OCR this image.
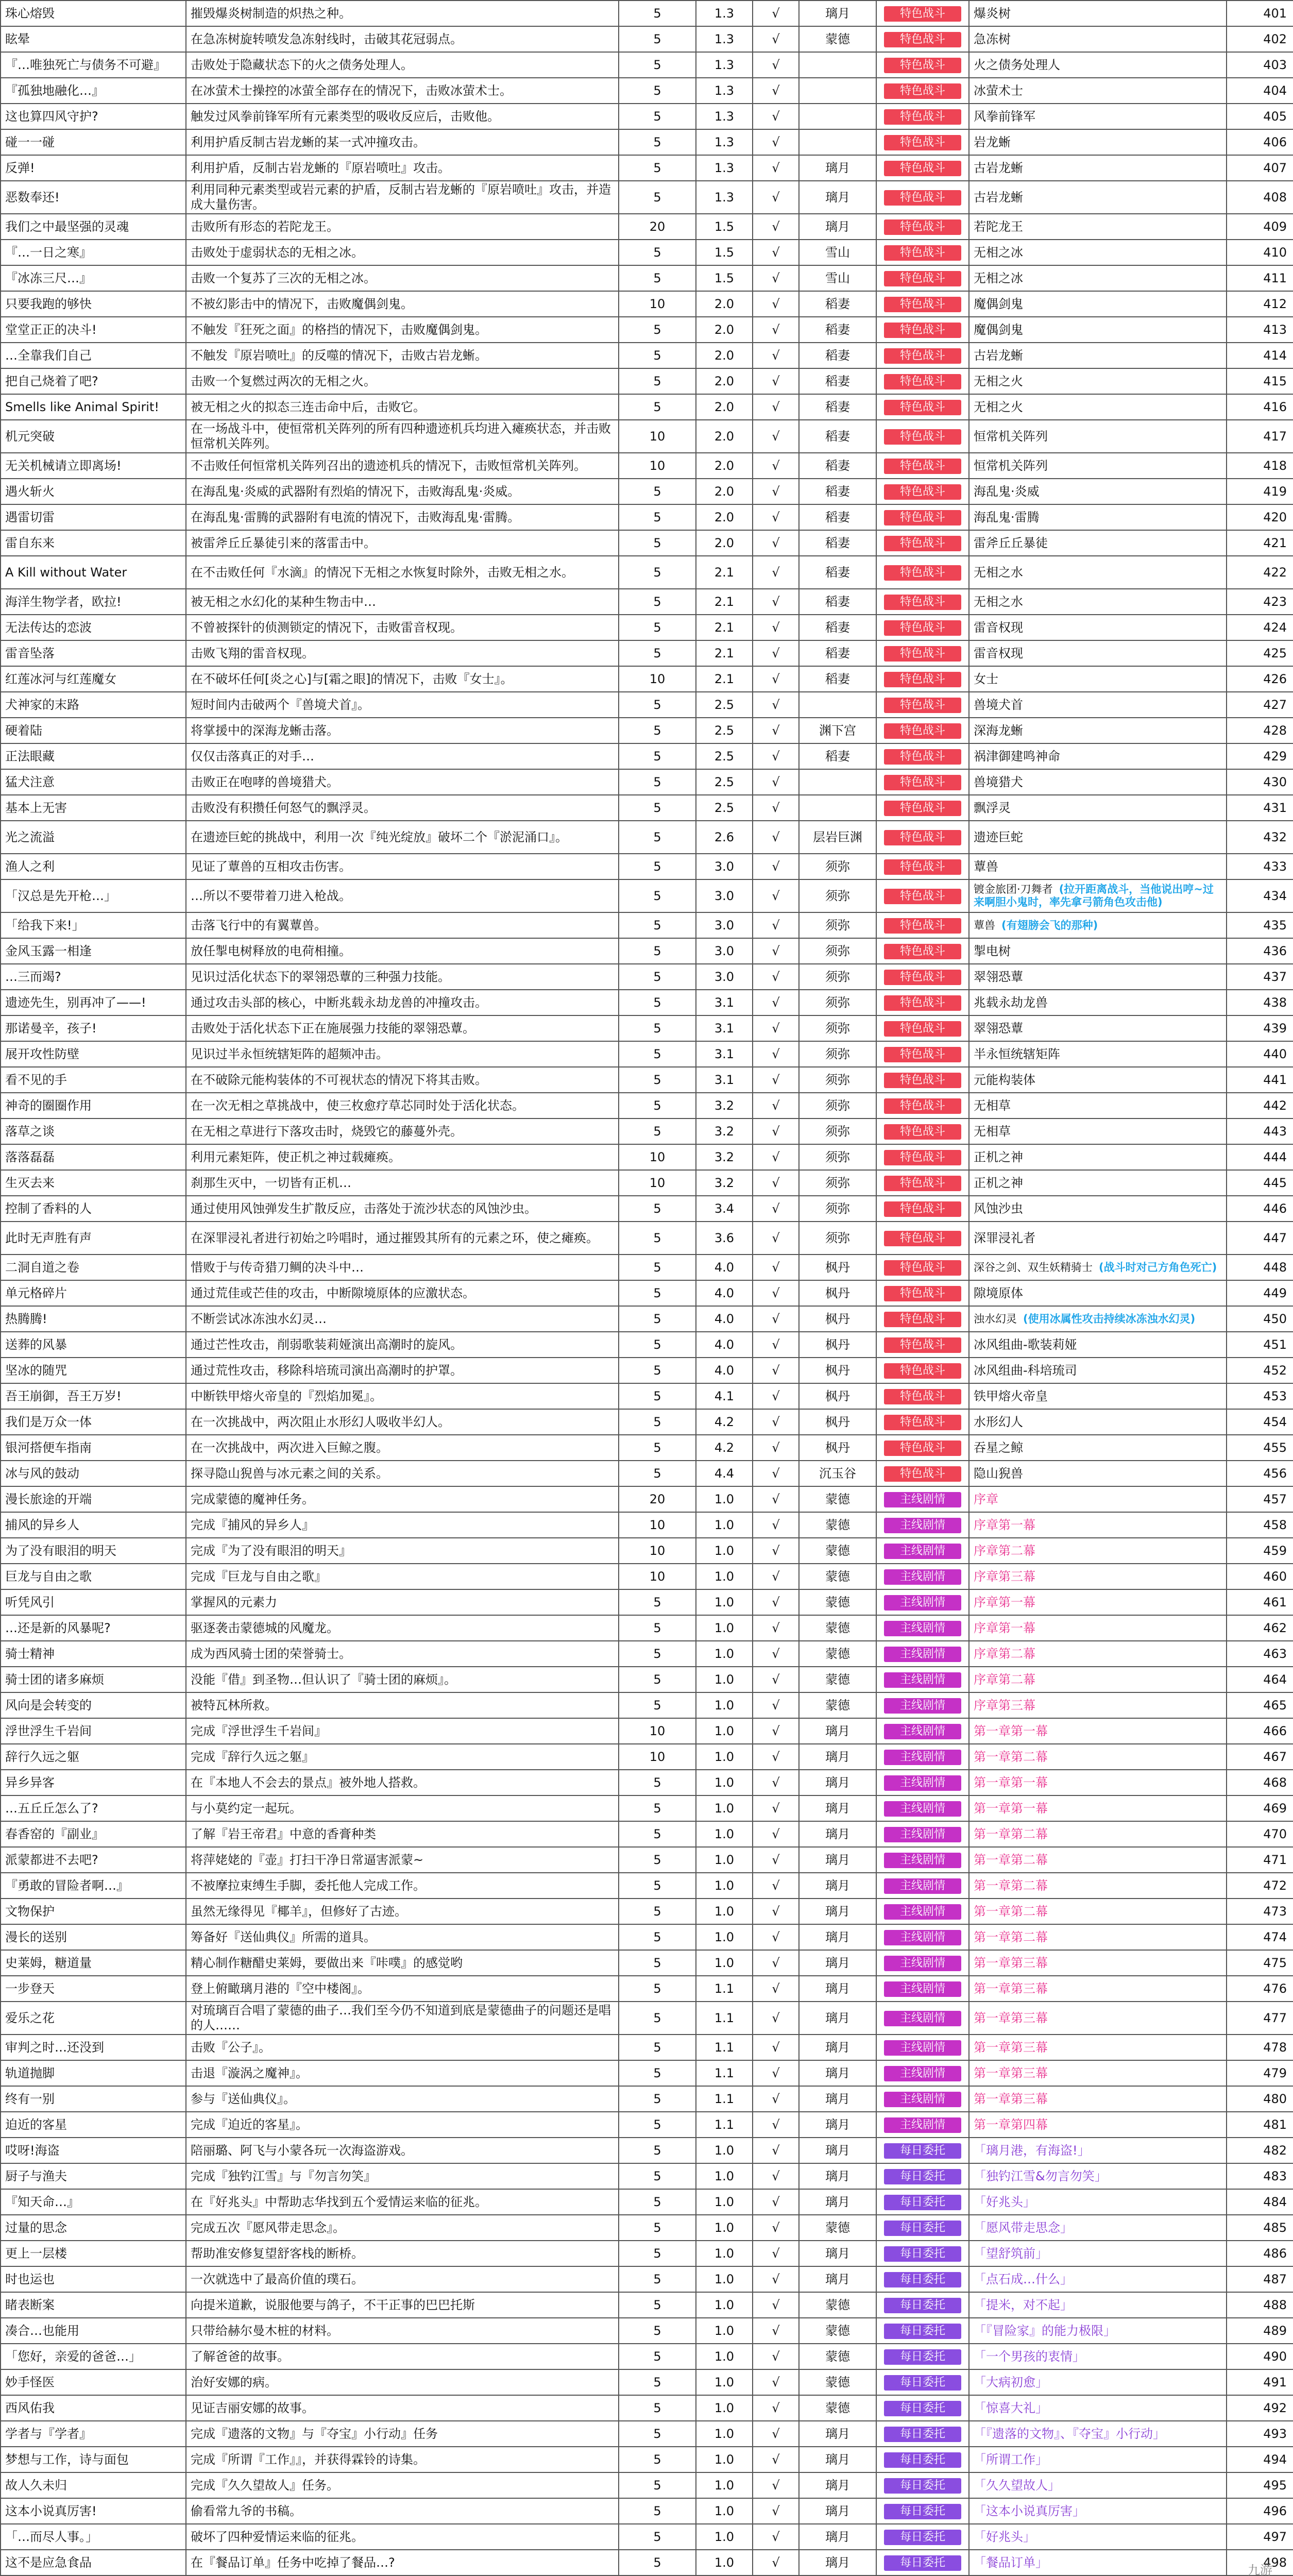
珠心熔毁	摧毁爆炎树制造的炽热之种。	5	1.3	√	璃月	特色战斗	爆炎树	401
眩晕	在急冻树旋转喷发急冻射线时，击破其花冠弱点。	5	1.3	√	蒙德	特色战斗	急冻树	402
『…唯独死亡与债务不可避』	击败处于隐藏状态下的火之债务处理人。	5	1.3	√		特色战斗	火之债务处理人	403
『孤独地融化…』	在冰萤术士操控的冰萤全部存在的情况下，击败冰萤术士。	5	1.3	√		特色战斗	冰萤术士	404
这也算四风守护?	触发过风拳前锋军所有元素类型的吸收反应后，击败他。	5	1.3	√		特色战斗	风拳前锋军	405
碰一一碰	利用护盾反制古岩龙蜥的某一式冲撞攻击。	5	1.3	√		特色战斗	岩龙蜥	406
反弹!	利用护盾，反制古岩龙蜥的『原岩喷吐』攻击。	5	1.3	√	璃月	特色战斗	古岩龙蜥	407
恶数奉还!	利用同种元素类型或岩元素的护盾，反制古岩龙蜥的『原岩喷吐』攻击，并造成大量伤害。	5	1.3	√	璃月	特色战斗	古岩龙蜥	408
我们之中最坚强的灵魂	击败所有形态的若陀龙王。	20	1.5	√	璃月	特色战斗	若陀龙王	409
『…一日之寒』	击败处于虚弱状态的无相之冰。	5	1.5	√	雪山	特色战斗	无相之冰	410
『冰冻三尺…』	击败一个复苏了三次的无相之冰。	5	1.5	√	雪山	特色战斗	无相之冰	411
只要我跑的够快	不被幻影击中的情况下，击败魔偶剑鬼。	10	2.0	√	稻妻	特色战斗	魔偶剑鬼	412
堂堂正正的决斗!	不触发『狂死之面』的格挡的情况下，击败魔偶剑鬼。	5	2.0	√	稻妻	特色战斗	魔偶剑鬼	413
…全靠我们自己	不触发『原岩喷吐』的反噬的情况下，击败古岩龙蜥。	5	2.0	√	稻妻	特色战斗	古岩龙蜥	414
把自己烧着了吧?	击败一个复燃过两次的无相之火。	5	2.0	√	稻妻	特色战斗	无相之火	415
Smells like Animal Spirit!	被无相之火的拟态三连击命中后，击败它。	5	2.0	√	稻妻	特色战斗	无相之火	416
机元突破	在一场战斗中，使恒常机关阵列的所有四种遗迹机兵均进入瘫痪状态，并击败恒常机关阵列。	10	2.0	√	稻妻	特色战斗	恒常机关阵列	417
无关机械请立即离场!	不击败任何恒常机关阵列召出的遗迹机兵的情况下，击败恒常机关阵列。	10	2.0	√	稻妻	特色战斗	恒常机关阵列	418
遇火斩火	在海乱鬼·炎威的武器附有烈焰的情况下，击败海乱鬼·炎威。	5	2.0	√	稻妻	特色战斗	海乱鬼·炎威	419
遇雷切雷	在海乱鬼·雷腾的武器附有电流的情况下，击败海乱鬼·雷腾。	5	2.0	√	稻妻	特色战斗	海乱鬼·雷腾	420
雷自东来	被雷斧丘丘暴徒引来的落雷击中。	5	2.0	√	稻妻	特色战斗	雷斧丘丘暴徒	421
A Kill without Water	在不击败任何『水滴』的情况下无相之水恢复时除外，击败无相之水。	5	2.1	√	稻妻	特色战斗	无相之水	422
海洋生物学者，欧拉!	被无相之水幻化的某种生物击中…	5	2.1	√	稻妻	特色战斗	无相之水	423
无法传达的恋波	不曾被探针的侦测锁定的情况下，击败雷音权现。	5	2.1	√	稻妻	特色战斗	雷音权现	424
雷音坠落	击败飞翔的雷音权现。	5	2.1	√	稻妻	特色战斗	雷音权现	425
红莲冰河与红莲魔女	在不破坏任何[炎之心]与[霜之眼]的情况下，击败『女士』。	10	2.1	√	稻妻	特色战斗	女士	426
犬神家的末路	短时间内击破两个『兽境犬首』。	5	2.5	√		特色战斗	兽境犬首	427
硬着陆	将掌援中的深海龙蜥击落。	5	2.5	√	渊下宫	特色战斗	深海龙蜥	428
正法眼藏	仅仅击落真正的对手…	5	2.5	√	稻妻	特色战斗	祸津御建鸣神命	429
猛犬注意	击败正在咆哮的兽境猎犬。	5	2.5	√		特色战斗	兽境猎犬	430
基本上无害	击败没有积攒任何怒气的飘浮灵。	5	2.5	√		特色战斗	飘浮灵	431
光之流溢	在遗迹巨蛇的挑战中，利用一次『纯光绽放』破坏二个『淤泥涌口』。	5	2.6	√	层岩巨渊	特色战斗	遗迹巨蛇	432
渔人之利	见证了蕈兽的互相攻击伤害。	5	3.0	√	须弥	特色战斗	蕈兽	433
「汉总是先开枪…」	…所以不要带着刀进入枪战。	5	3.0	√	须弥	特色战斗	镀金旅团·刀舞者 (拉开距离战斗，当他说出哼~过来啊胆小鬼时，率先拿弓箭角色攻击他)	434
「给我下来!」	击落飞行中的有翼蕈兽。	5	3.0	√	须弥	特色战斗	蕈兽 (有翅膀会飞的那种)	435
金风玉露一相逢	放任掣电树释放的电荷相撞。	5	3.0	√	须弥	特色战斗	掣电树	436
…三而竭?	见识过活化状态下的翠翎恐蕈的三种强力技能。	5	3.0	√	须弥	特色战斗	翠翎恐蕈	437
遗迹先生，别再冲了——!	通过攻击头部的核心，中断兆载永劫龙兽的冲撞攻击。	5	3.1	√	须弥	特色战斗	兆载永劫龙兽	438
那诺曼辛，孩子!	击败处于活化状态下正在施展强力技能的翠翎恐蕈。	5	3.1	√	须弥	特色战斗	翠翎恐蕈	439
展开攻性防壁	见识过半永恒统辖矩阵的超频冲击。	5	3.1	√	须弥	特色战斗	半永恒统辖矩阵	440
看不见的手	在不破除元能构装体的不可视状态的情况下将其击败。	5	3.1	√	须弥	特色战斗	元能构装体	441
神奇的圈圈作用	在一次无相之草挑战中，使三枚愈疗草芯同时处于活化状态。	5	3.2	√	须弥	特色战斗	无相草	442
落草之谈	在无相之草进行下落攻击时，烧毁它的藤蔓外壳。	5	3.2	√	须弥	特色战斗	无相草	443
落落磊磊	利用元素矩阵，使正机之神过载瘫痪。	10	3.2	√	须弥	特色战斗	正机之神	444
生灭去来	刹那生灭中，一切皆有正机…	10	3.2	√	须弥	特色战斗	正机之神	445
控制了香料的人	通过使用风蚀弹发生扩散反应，击落处于流沙状态的风蚀沙虫。	5	3.4	√	须弥	特色战斗	风蚀沙虫	446
此时无声胜有声	在深罪浸礼者进行初始之吟唱时，通过摧毁其所有的元素之环，使之瘫痪。	5	3.6	√	须弥	特色战斗	深罪浸礼者	447
二洞自道之卷	惜败于与传奇猎刀鲷的决斗中…	5	4.0	√	枫丹	特色战斗	深谷之剑、双生妖精骑士 (战斗时对己方角色死亡)	448
单元格碎片	通过荒佳或芒佳的攻击，中断隙境原体的应激状态。	5	4.0	√	枫丹	特色战斗	隙境原体	449
热腾腾!	不断尝试冰冻浊水幻灵…	5	4.0	√	枫丹	特色战斗	浊水幻灵 (使用冰属性攻击持续冰冻浊水幻灵)	450
送葬的风暴	通过芒性攻击，削弱歌装莉娅演出高潮时的旋风。	5	4.0	√	枫丹	特色战斗	冰风组曲-歌装莉娅	451
坚冰的随咒	通过荒性攻击，移除科培琉司演出高潮时的护罩。	5	4.0	√	枫丹	特色战斗	冰风组曲-科培琉司	452
吾王崩御，吾王万岁!	中断铁甲熔火帝皇的『烈焰加冕』。	5	4.1	√	枫丹	特色战斗	铁甲熔火帝皇	453
我们是万众一体	在一次挑战中，两次阻止水形幻人吸收半幻人。	5	4.2	√	枫丹	特色战斗	水形幻人	454
银河搭便车指南	在一次挑战中，两次进入巨鲸之腹。	5	4.2	√	枫丹	特色战斗	吞星之鲸	455
冰与风的鼓动	探寻隐山猊兽与冰元素之间的关系。	5	4.4	√	沉玉谷	特色战斗	隐山猊兽	456
漫长旅途的开端	完成蒙德的魔神任务。	20	1.0	√	蒙德	主线剧情	序章	457
捕风的异乡人	完成『捕风的异乡人』	10	1.0	√	蒙德	主线剧情	序章第一幕	458
为了没有眼泪的明天	完成『为了没有眼泪的明天』	10	1.0	√	蒙德	主线剧情	序章第二幕	459
巨龙与自由之歌	完成『巨龙与自由之歌』	10	1.0	√	蒙德	主线剧情	序章第三幕	460
听凭风引	掌握风的元素力	5	1.0	√	蒙德	主线剧情	序章第一幕	461
…还是新的风暴呢?	驱逐袭击蒙德城的风魔龙。	5	1.0	√	蒙德	主线剧情	序章第一幕	462
骑士精神	成为西风骑士团的荣誉骑士。	5	1.0	√	蒙德	主线剧情	序章第二幕	463
骑士团的诸多麻烦	没能『借』到圣物…但认识了『骑士团的麻烦』。	5	1.0	√	蒙德	主线剧情	序章第二幕	464
风向是会转变的	被特瓦林所救。	5	1.0	√	蒙德	主线剧情	序章第三幕	465
浮世浮生千岩间	完成『浮世浮生千岩间』	10	1.0	√	璃月	主线剧情	第一章第一幕	466
辞行久远之躯	完成『辞行久远之躯』	10	1.0	√	璃月	主线剧情	第一章第二幕	467
异乡异客	在『本地人不会去的景点』被外地人搭救。	5	1.0	√	璃月	主线剧情	第一章第一幕	468
…五丘丘怎么了?	与小莫约定一起玩。	5	1.0	√	璃月	主线剧情	第一章第一幕	469
春香窑的『副业』	了解『岩王帝君』中意的香膏种类	5	1.0	√	璃月	主线剧情	第一章第二幕	470
派蒙都进不去吧?	将萍姥姥的『壶』打扫干净日常逼害派蒙~	5	1.0	√	璃月	主线剧情	第一章第二幕	471
『勇敢的冒险者啊…』	不被摩拉束缚生手脚，委托他人完成工作。	5	1.0	√	璃月	主线剧情	第一章第二幕	472
文物保护	虽然无缘得见『椰羊』，但修好了古迹。	5	1.0	√	璃月	主线剧情	第一章第二幕	473
漫长的送别	筹备好『送仙典仪』所需的道具。	5	1.0	√	璃月	主线剧情	第一章第二幕	474
史莱姆，糖道量	精心制作糖醋史莱姆，要做出来『咔噗』的感觉哟	5	1.0	√	璃月	主线剧情	第一章第三幕	475
一步登天	登上俯瞰璃月港的『空中楼阁』。	5	1.1	√	璃月	主线剧情	第一章第三幕	476
爱乐之花	对琉璃百合唱了蒙德的曲子…我们至今仍不知道到底是蒙德曲子的问题还是唱的人……	5	1.1	√	璃月	主线剧情	第一章第三幕	477
审判之时…还没到	击败『公子』。	5	1.1	√	璃月	主线剧情	第一章第三幕	478
轨道抛脚	击退『漩涡之魔神』。	5	1.1	√	璃月	主线剧情	第一章第三幕	479
终有一别	参与『送仙典仪』。	5	1.1	√	璃月	主线剧情	第一章第三幕	480
迫近的客星	完成『迫近的客星』。	5	1.1	√	璃月	主线剧情	第一章第四幕	481
哎呀!海盗	陪丽璐、阿飞与小蒙各玩一次海盗游戏。	5	1.0	√	璃月	每日委托	「璃月港，有海盗!」	482
厨子与渔夫	完成『独钓江雪』与『勿言勿笑』	5	1.0	√	璃月	每日委托	「独钓江雪&勿言勿笑」	483
『知天命…』	在『好兆头』中帮助志华找到五个爱情运来临的征兆。	5	1.0	√	璃月	每日委托	「好兆头」	484
过量的思念	完成五次『愿风带走思念』。	5	1.0	√	蒙德	每日委托	「愿风带走思念」	485
更上一层楼	帮助准安修复望舒客栈的断桥。	5	1.0	√	璃月	每日委托	「望舒筑前」	486
时也运也	一次就选中了最高价值的璞石。	5	1.0	√	璃月	每日委托	「点石成…什么」	487
睹表断案	向提米道歉，说服他要与鸽子，不干正事的巴巴托斯	5	1.0	√	蒙德	每日委托	「提米，对不起」	488
凑合…也能用	只带给赫尔曼木桩的材料。	5	1.0	√	蒙德	每日委托	「『冒险家』的能力极限」	489
「您好，亲爱的爸爸…」	了解爸爸的故事。	5	1.0	√	蒙德	每日委托	「一个男孩的衷情」	490
妙手怪医	治好安娜的病。	5	1.0	√	蒙德	每日委托	「大病初愈」	491
西风佑我	见证吉丽安娜的故事。	5	1.0	√	蒙德	每日委托	「惊喜大礼」	492
学者与『学者』	完成『遗落的文物』与『夺宝』小行动』任务	5	1.0	√	璃月	每日委托	「『遗落的文物』、『夺宝』小行动」	493
梦想与工作，诗与面包	完成『所谓『工作』』，并获得霖铃的诗集。	5	1.0	√	璃月	每日委托	「所谓工作」	494
故人久未归	完成『久久望故人』任务。	5	1.0	√	璃月	每日委托	「久久望故人」	495
这本小说真厉害!	偷看常九爷的书稿。	5	1.0	√	璃月	每日委托	「这本小说真厉害」	496
「…而尽人事。」	破坏了四种爱情运来临的征兆。	5	1.0	√	璃月	每日委托	「好兆头」	497
这不是应急食品	在『餐品订单』任务中吃掉了餐品…?	5	1.0	√	璃月	每日委托	「餐品订单」	498

九游
